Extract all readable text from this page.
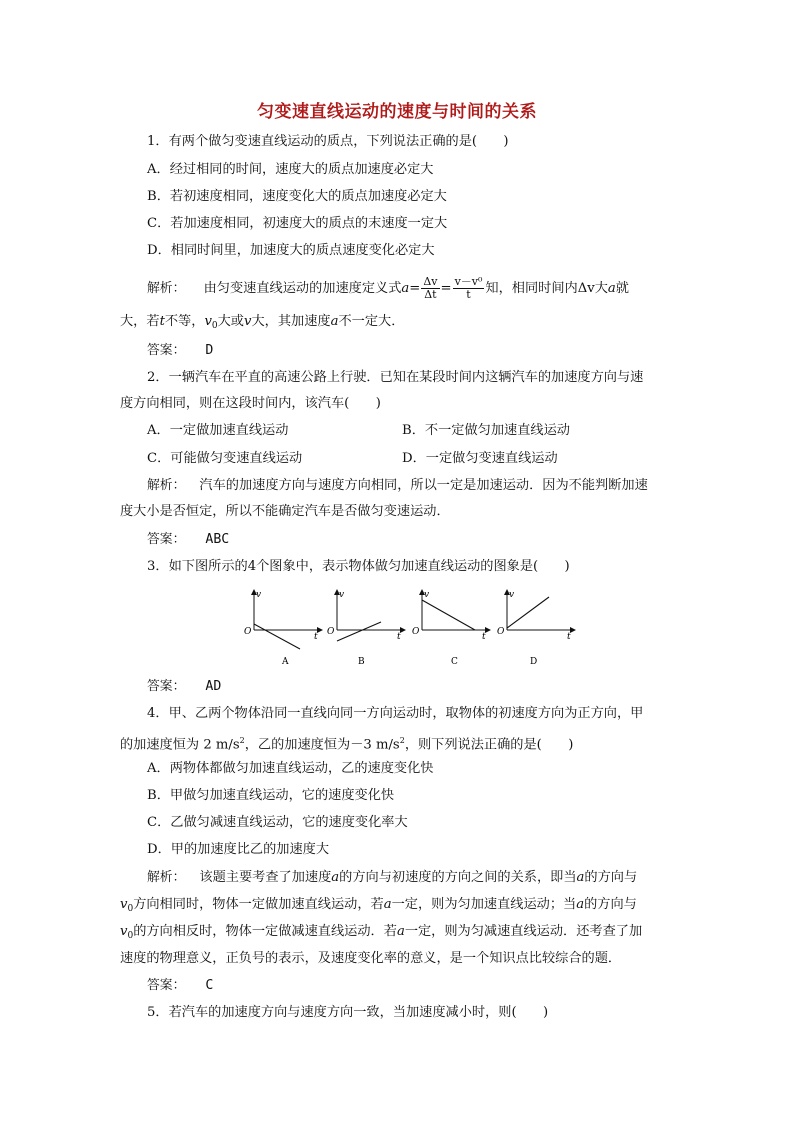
匀变速直线运动的速度与时间的关系
1．有两个做匀变速直线运动的质点，下列说法正确的是(　　)
A．经过相同的时间，速度大的质点加速度必定大
B．若初速度相同，速度变化大的质点加速度必定大
C．若加速度相同，初速度大的质点的末速度一定大
D．相同时间里，加速度大的质点速度变化必定大
解析： 由匀变速直线运动的加速度定义式$a= \frac{\Delta v}{\Delta t} = \frac{\text{v－v⁰}}{t}$ 知，相同时间内Δv大a就
大，若t不等，$v_0$大或v大，其加速度a不一定大．
答案： D
2．一辆汽车在平直的高速公路上行驶．已知在某段时间内这辆汽车的加速度方向与速
度方向相同，则在这段时间内，该汽车(　　)
A．一定做加速直线运动	B．不一定做匀加速直线运动
C．可能做匀变速直线运动	D．一定做匀变速直线运动
解析： 汽车的加速度方向与速度方向相同，所以一定是加速运动．因为不能判断加速
度大小是否恒定，所以不能确定汽车是否做匀变速运动．
答案： ABC
3．如下图所示的4个图象中，表示物体做匀加速直线运动的图象是(　　)
v
t
O
A
v
t
O
B
v
t
O
C
v
t
O
D
答案： AD
4．甲、乙两个物体沿同一直线向同一方向运动时，取物体的初速度方向为正方向，甲
的加速度恒为 2 $m/s^2$，乙的加速度恒为－3 $m/s^2$，则下列说法正确的是(　　)
A．两物体都做匀加速直线运动，乙的速度变化快
B．甲做匀加速直线运动，它的速度变化快
C．乙做匀减速直线运动，它的速度变化率大
D．甲的加速度比乙的加速度大
解析： 该题主要考查了加速度a的方向与初速度的方向之间的关系，即当a的方向与
$v_0$方向相同时，物体一定做加速直线运动，若a一定，则为匀加速直线运动；当a的方向与
$v_0$的方向相反时，物体一定做减速直线运动．若a一定，则为匀减速直线运动．还考查了加
速度的物理意义，正负号的表示，及速度变化率的意义，是一个知识点比较综合的题．
答案： C
5．若汽车的加速度方向与速度方向一致，当加速度减小时，则(　　)
